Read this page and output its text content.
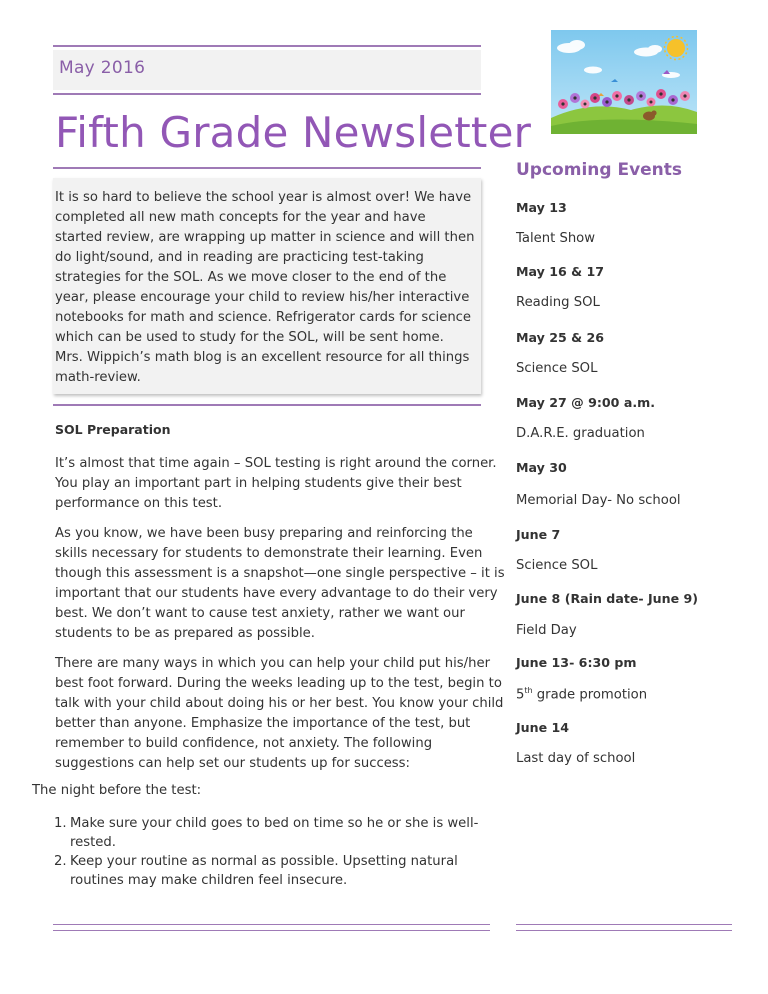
May 2016
Fifth Grade Newsletter
It is so hard to believe the school year is almost over! We have completed all new math concepts for the year and have started review, are wrapping up matter in science and will then do light/sound, and in reading are practicing test-taking strategies for the SOL. As we move closer to the end of the year, please encourage your child to review his/her interactive notebooks for math and science. Refrigerator cards for science which can be used to study for the SOL, will be sent home. Mrs. Wippich’s math blog is an excellent resource for all things math-review.
SOL Preparation

It’s almost that time again – SOL testing is right around the corner. You play an important part in helping students give their best performance on this test.

As you know, we have been busy preparing and reinforcing the skills necessary for students to demonstrate their learning. Even though this assessment is a snapshot—one single perspective – it is important that our students have every advantage to do their very best. We don’t want to cause test anxiety, rather we want our students to be as prepared as possible.

There are many ways in which you can help your child put his/her best foot forward. During the weeks leading up to the test, begin to talk with your child about doing his or her best. You know your child better than anyone. Emphasize the importance of the test, but remember to build confidence, not anxiety. The following suggestions can help set our students up for success:

The night before the test:
1. Make sure your child goes to bed on time so he or she is well-rested.
2. Keep your routine as normal as possible. Upsetting natural routines may make children feel insecure.
Upcoming Events
May 13
Talent Show
May 16 & 17
Reading SOL
May 25 & 26
Science SOL
May 27 @ 9:00 a.m.
D.A.R.E. graduation
May 30
Memorial Day- No school
June 7
Science SOL
June 8 (Rain date- June 9)
Field Day
June 13- 6:30 pm
5th grade promotion
June 14
Last day of school
